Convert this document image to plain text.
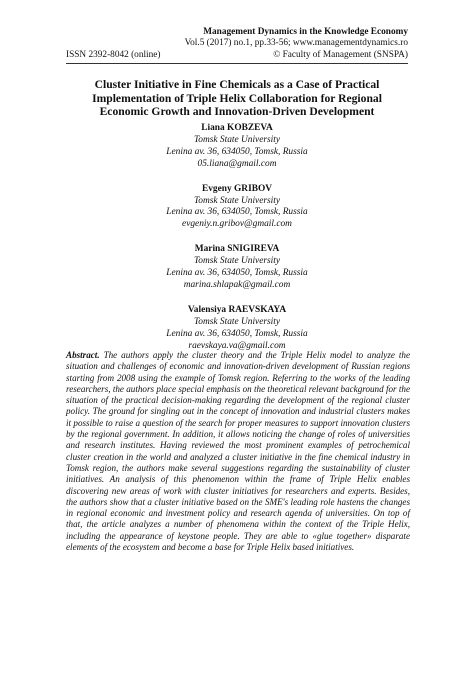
Management Dynamics in the Knowledge Economy
Vol.5 (2017) no.1, pp.33-56; www.managementdynamics.ro
© Faculty of Management (SNSPA)
ISSN 2392-8042 (online)
Cluster Initiative in Fine Chemicals as a Case of Practical
Implementation of Triple Helix Collaboration for Regional
Economic Growth and Innovation-Driven Development
Liana KOBZEVA
Tomsk State University
Lenina av. 36, 634050, Tomsk, Russia
05.liana@gmail.com
Evgeny GRIBOV
Tomsk State University
Lenina av. 36, 634050, Tomsk, Russia
evgeniy.n.gribov@gmail.com
Marina SNIGIREVA
Tomsk State University
Lenina av. 36, 634050, Tomsk, Russia
marina.shlapak@gmail.com
Valensiya RAEVSKAYA
Tomsk State University
Lenina av. 36, 634050, Tomsk, Russia
raevskaya.va@gmail.com
Abstract. The authors apply the cluster theory and the Triple Helix model to analyze the situation and challenges of economic and innovation-driven development of Russian regions starting from 2008 using the example of Tomsk region. Referring to the works of the leading researchers, the authors place special emphasis on the theoretical relevant background for the situation of the practical decision-making regarding the development of the regional cluster policy. The ground for singling out in the concept of innovation and industrial clusters makes it possible to raise a question of the search for proper measures to support innovation clusters by the regional government. In addition, it allows noticing the change of roles of universities and research institutes. Having reviewed the most prominent examples of petrochemical cluster creation in the world and analyzed a cluster initiative in the fine chemical industry in Tomsk region, the authors make several suggestions regarding the sustainability of cluster initiatives. An analysis of this phenomenon within the frame of Triple Helix enables discovering new areas of work with cluster initiatives for researchers and experts. Besides, the authors show that a cluster initiative based on the SME's leading role hastens the changes in regional economic and investment policy and research agenda of universities. On top of that, the article analyzes a number of phenomena within the context of the Triple Helix, including the appearance of keystone people. They are able to «glue together» disparate elements of the ecosystem and become a base for Triple Helix based initiatives.
